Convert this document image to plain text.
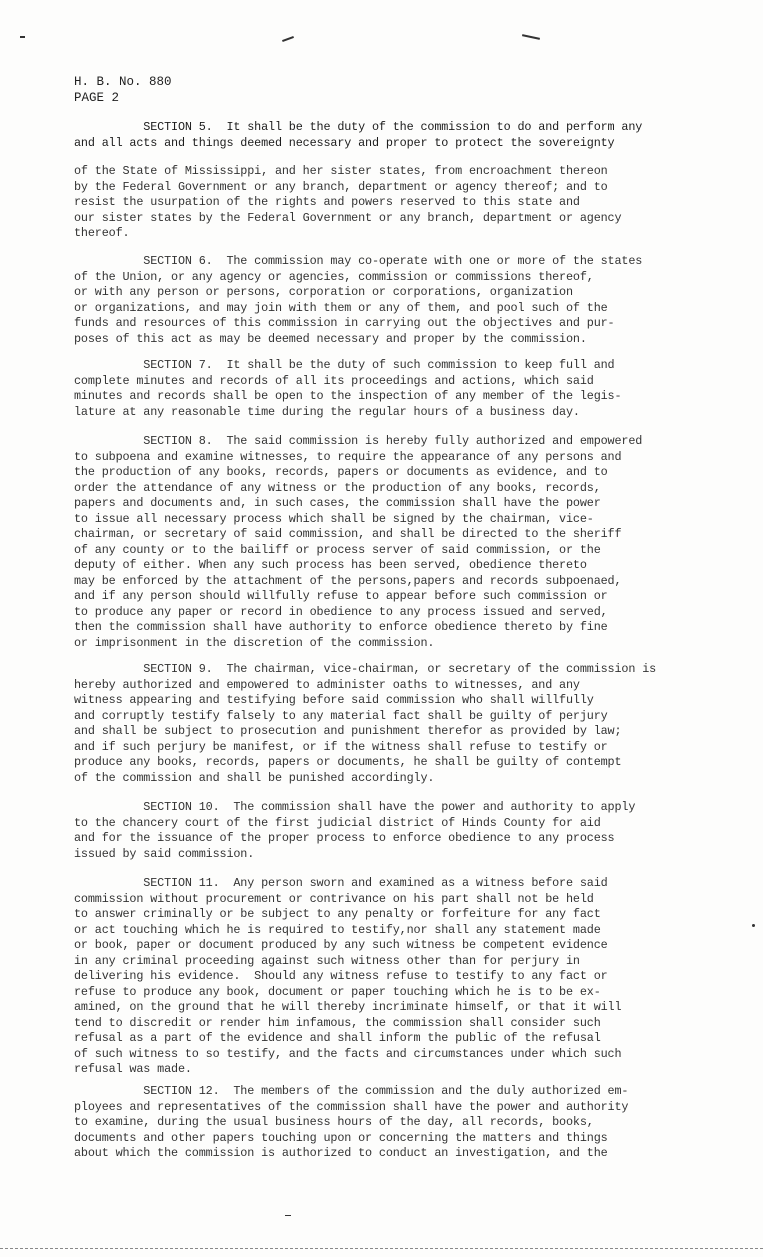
H. B. No. 880
PAGE 2
SECTION 5.  It shall be the duty of the commission to do and perform any
and all acts and things deemed necessary and proper to protect the sovereignty
of the State of Mississippi, and her sister states, from encroachment thereon
by the Federal Government or any branch, department or agency thereof; and to
resist the usurpation of the rights and powers reserved to this state and
our sister states by the Federal Government or any branch, department or agency
thereof.
SECTION 6.  The commission may co-operate with one or more of the states
of the Union, or any agency or agencies, commission or commissions thereof,
or with any person or persons, corporation or corporations, organization
or organizations, and may join with them or any of them, and pool such of the
funds and resources of this commission in carrying out the objectives and pur-
poses of this act as may be deemed necessary and proper by the commission.
SECTION 7.  It shall be the duty of such commission to keep full and
complete minutes and records of all its proceedings and actions, which said
minutes and records shall be open to the inspection of any member of the legis-
lature at any reasonable time during the regular hours of a business day.
SECTION 8.  The said commission is hereby fully authorized and empowered
to subpoena and examine witnesses, to require the appearance of any persons and
the production of any books, records, papers or documents as evidence, and to
order the attendance of any witness or the production of any books, records,
papers and documents and, in such cases, the commission shall have the power
to issue all necessary process which shall be signed by the chairman, vice-
chairman, or secretary of said commission, and shall be directed to the sheriff
of any county or to the bailiff or process server of said commission, or the
deputy of either. When any such process has been served, obedience thereto
may be enforced by the attachment of the persons,papers and records subpoenaed,
and if any person should willfully refuse to appear before such commission or
to produce any paper or record in obedience to any process issued and served,
then the commission shall have authority to enforce obedience thereto by fine
or imprisonment in the discretion of the commission.
SECTION 9.  The chairman, vice-chairman, or secretary of the commission is
hereby authorized and empowered to administer oaths to witnesses, and any
witness appearing and testifying before said commission who shall willfully
and corruptly testify falsely to any material fact shall be guilty of perjury
and shall be subject to prosecution and punishment therefor as provided by law;
and if such perjury be manifest, or if the witness shall refuse to testify or
produce any books, records, papers or documents, he shall be guilty of contempt
of the commission and shall be punished accordingly.
SECTION 10.  The commission shall have the power and authority to apply
to the chancery court of the first judicial district of Hinds County for aid
and for the issuance of the proper process to enforce obedience to any process
issued by said commission.
SECTION 11.  Any person sworn and examined as a witness before said
commission without procurement or contrivance on his part shall not be held
to answer criminally or be subject to any penalty or forfeiture for any fact
or act touching which he is required to testify,nor shall any statement made
or book, paper or document produced by any such witness be competent evidence
in any criminal proceeding against such witness other than for perjury in
delivering his evidence.  Should any witness refuse to testify to any fact or
refuse to produce any book, document or paper touching which he is to be ex-
amined, on the ground that he will thereby incriminate himself, or that it will
tend to discredit or render him infamous, the commission shall consider such
refusal as a part of the evidence and shall inform the public of the refusal
of such witness to so testify, and the facts and circumstances under which such
refusal was made.
SECTION 12.  The members of the commission and the duly authorized em-
ployees and representatives of the commission shall have the power and authority
to examine, during the usual business hours of the day, all records, books,
documents and other papers touching upon or concerning the matters and things
about which the commission is authorized to conduct an investigation, and the
